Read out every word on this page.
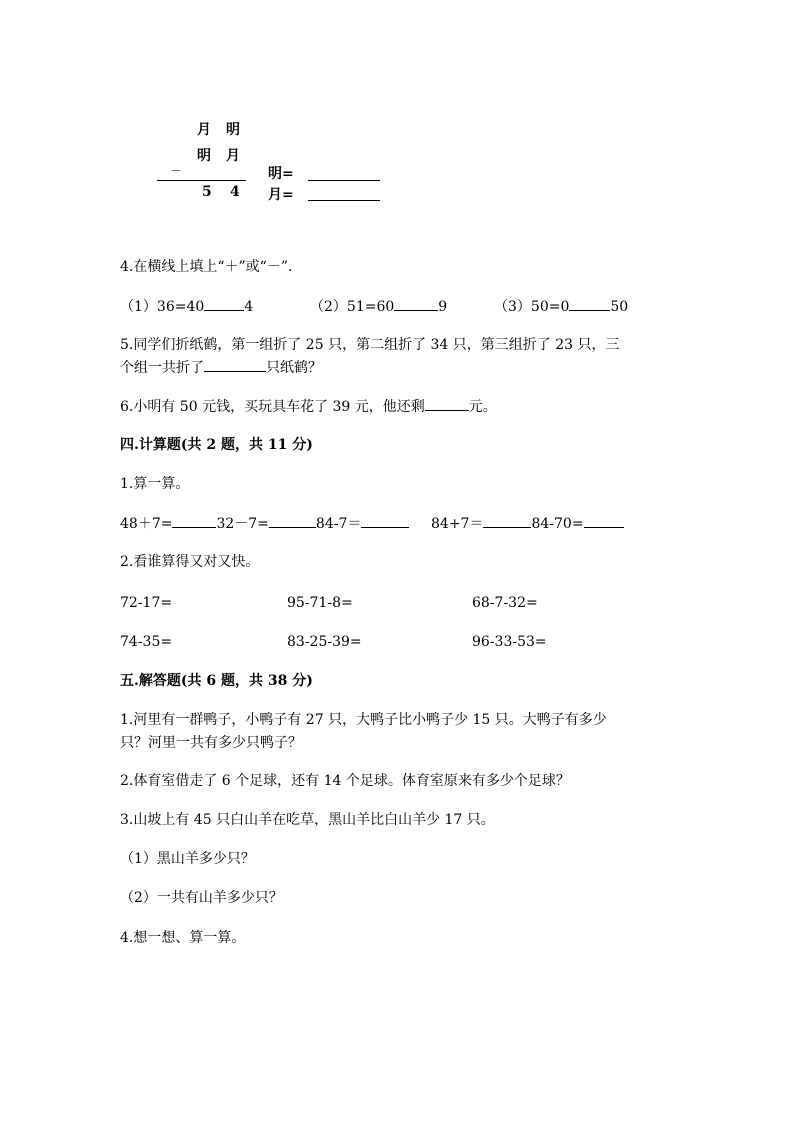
月 明
明 月
－
5 4
明=
月=
4.在横线上填上“＋”或“－”.
（1）36=40	4	（2）51=60	9	（3）50=0	50
5.同学们折纸鹤，第一组折了 25 只，第二组折了 34 只，第三组折了 23 只，三
个组一共折了	只纸鹤？
6.小明有 50 元钱，买玩具车花了 39 元，他还剩	元。
四.计算题(共 2 题，共 11 分)
1.算一算。
48＋7=	32－7=	84-7＝	84+7＝	84-70=
2.看谁算得又对又快。
72-17=	95-71-8=	68-7-32=
74-35=	83-25-39=	96-33-53=
五.解答题(共 6 题，共 38 分)
1.河里有一群鸭子，小鸭子有 27 只，大鸭子比小鸭子少 15 只。大鸭子有多少
只？河里一共有多少只鸭子？
2.体育室借走了 6 个足球，还有 14 个足球。体育室原来有多少个足球？
3.山坡上有 45 只白山羊在吃草，黑山羊比白山羊少 17 只。
（1）黑山羊多少只？
（2）一共有山羊多少只？
4.想一想、算一算。
